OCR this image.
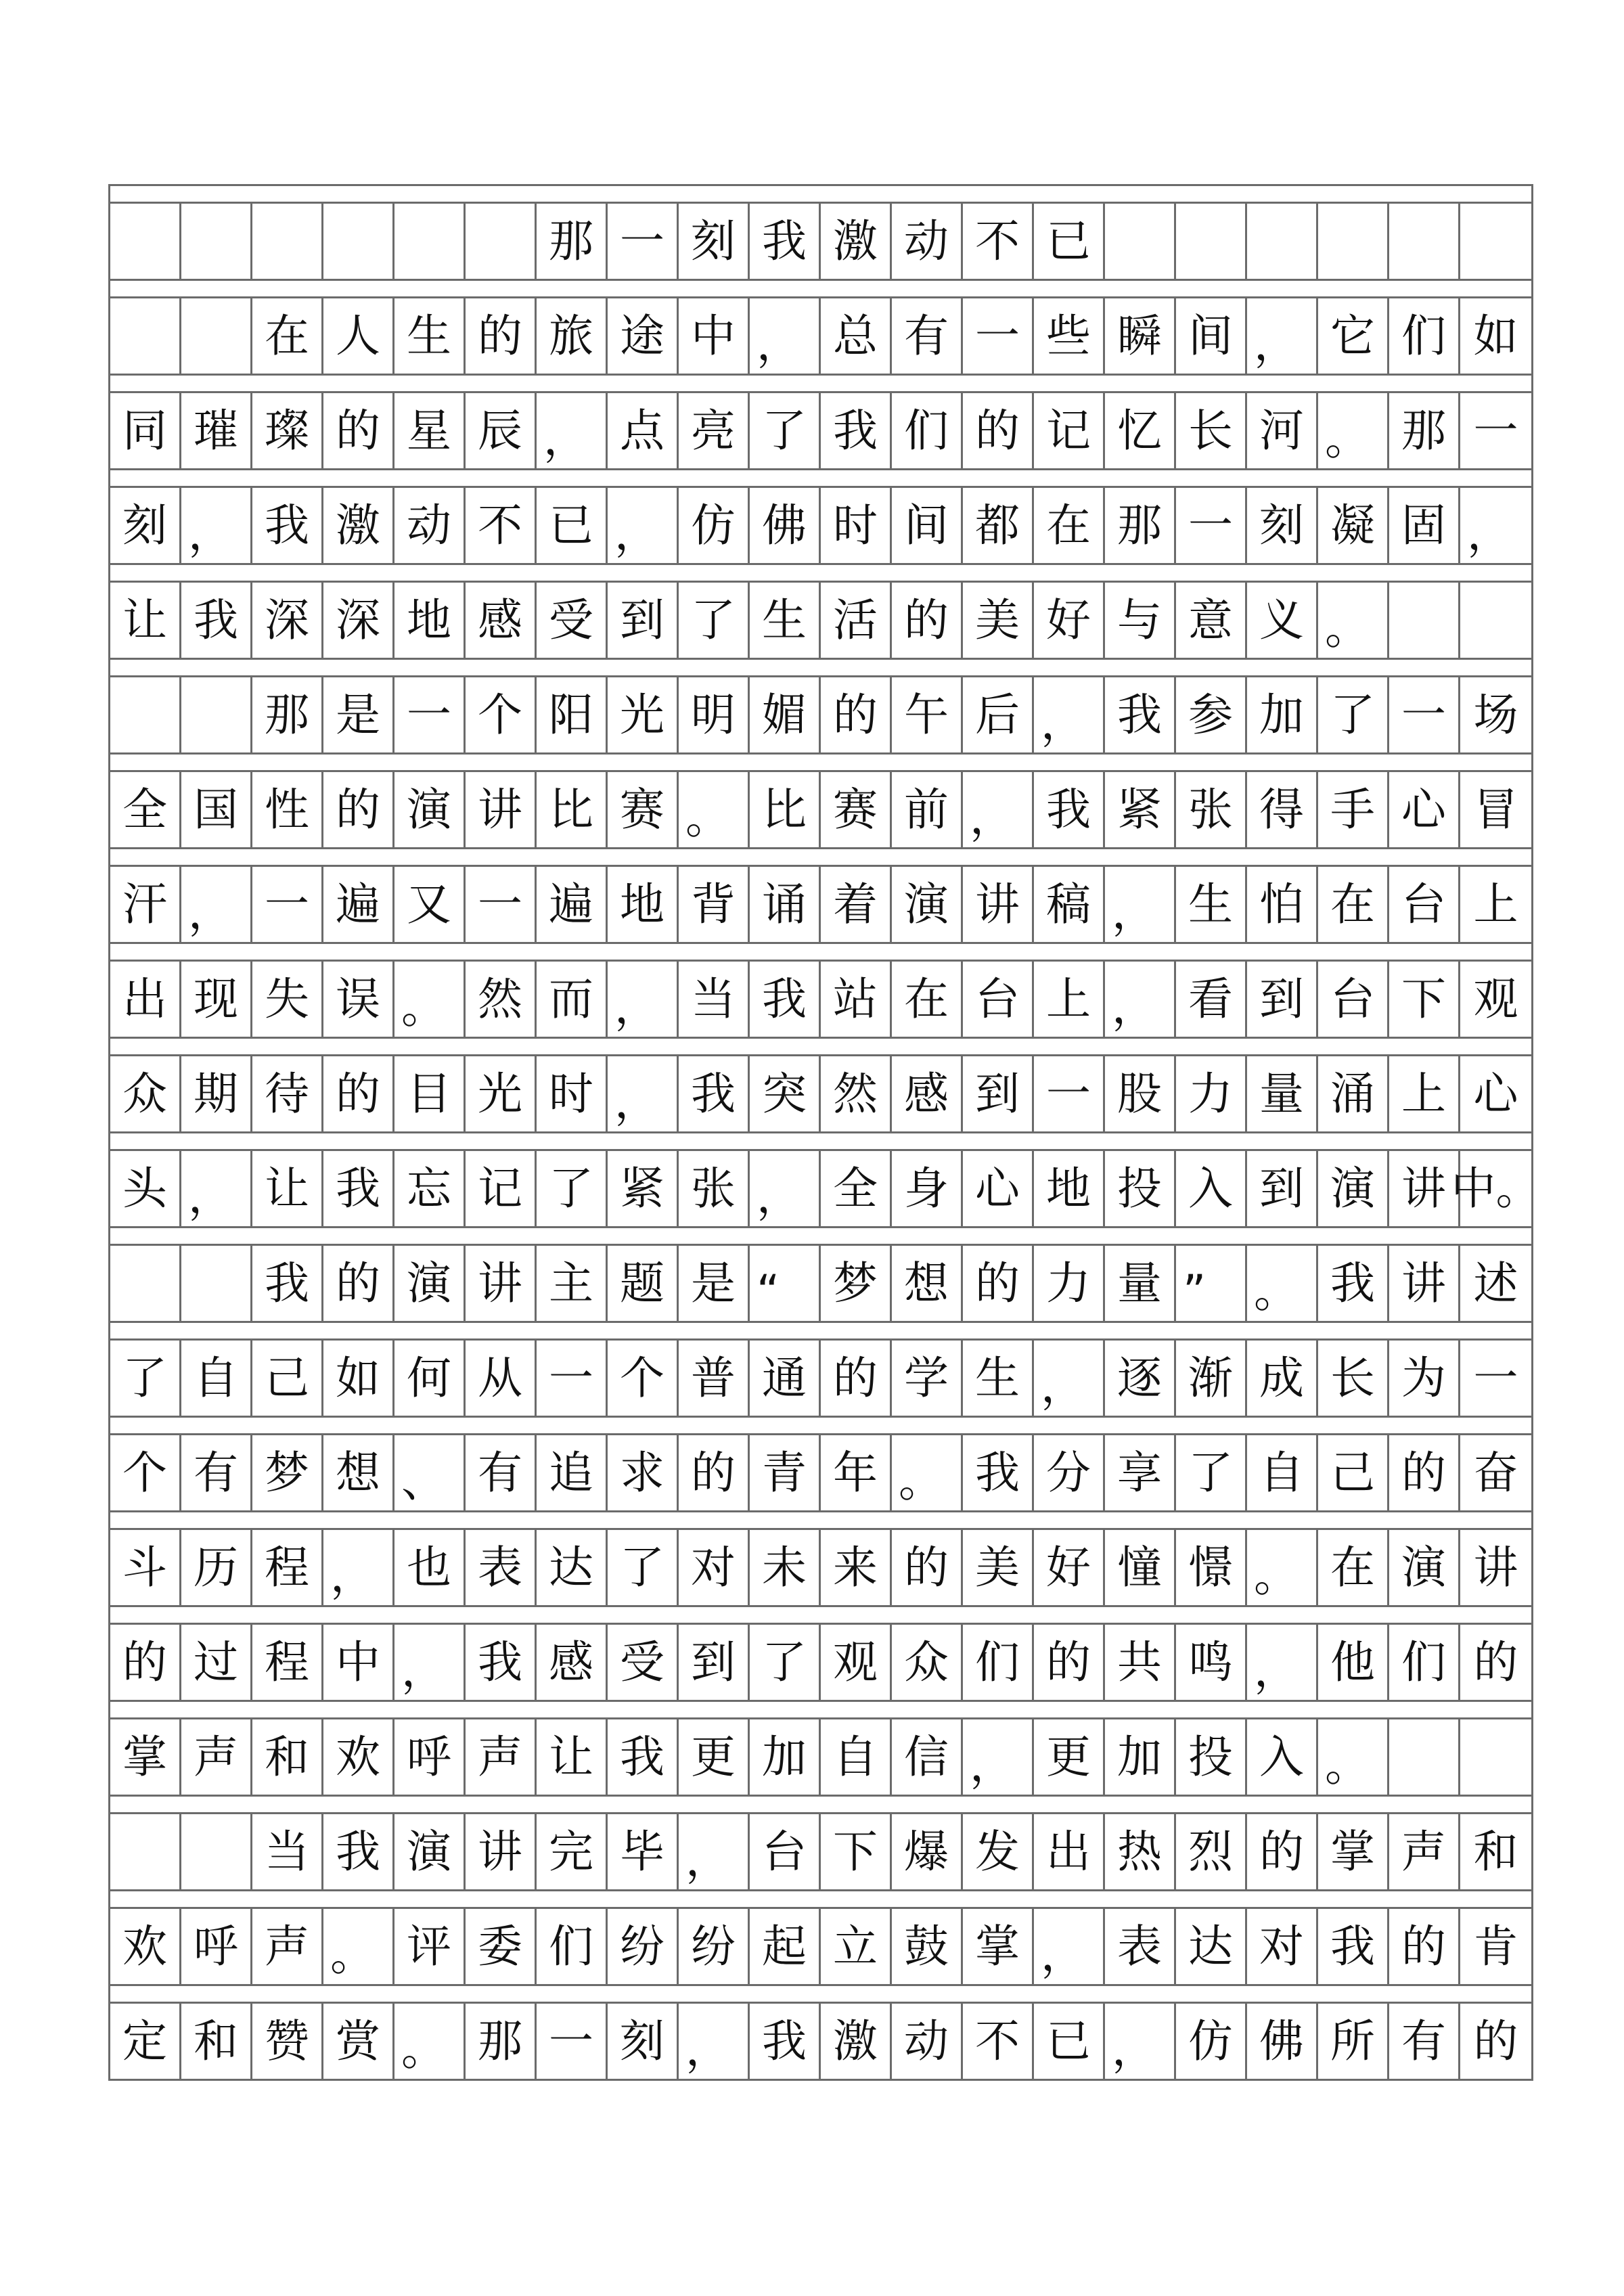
那 一 刻 我 激 动 不 已
在 人 生 的 旅 途 中 ， 总 有 一 些 瞬 间 ， 它 们 如
同 璀 璨 的 星 辰 ， 点 亮 了 我 们 的 记 忆 长 河 。 那 一
刻 ， 我 激 动 不 已 ， 仿 佛 时 间 都 在 那 一 刻 凝 固 ，
让 我 深 深 地 感 受 到 了 生 活 的 美 好 与 意 义 。
那 是 一 个 阳 光 明 媚 的 午 后 ， 我 参 加 了 一 场
全 国 性 的 演 讲 比 赛 。 比 赛 前 ， 我 紧 张 得 手 心 冒
汗 ， 一 遍 又 一 遍 地 背 诵 着 演 讲 稿 ， 生 怕 在 台 上
出 现 失 误 。 然 而 ， 当 我 站 在 台 上 ， 看 到 台 下 观
众 期 待 的 目 光 时 ， 我 突 然 感 到 一 股 力 量 涌 上 心
头 ， 让 我 忘 记 了 紧 张 ， 全 身 心 地 投 入 到 演 讲 中。
我 的 演 讲 主 题 是 “	梦 想 的 力 量 ”	。 我 讲 述
了 自 己 如 何 从 一 个 普 通 的 学 生 ， 逐 渐 成 长 为 一
个 有 梦 想 、 有 追 求 的 青 年 。 我 分 享 了 自 己 的 奋
斗 历 程 ， 也 表 达 了 对 未 来 的 美 好 憧 憬 。 在 演 讲
的 过 程 中 ， 我 感 受 到 了 观 众 们 的 共 鸣 ， 他 们 的
掌 声 和 欢 呼 声 让 我 更 加 自 信 ， 更 加 投 入 。
当 我 演 讲 完 毕 ， 台 下 爆 发 出 热 烈 的 掌 声 和
欢 呼 声 。 评 委 们 纷 纷 起 立 鼓 掌 ， 表 达 对 我 的 肯
定 和 赞 赏 。 那 一 刻 ， 我 激 动 不 已 ， 仿 佛 所 有 的
